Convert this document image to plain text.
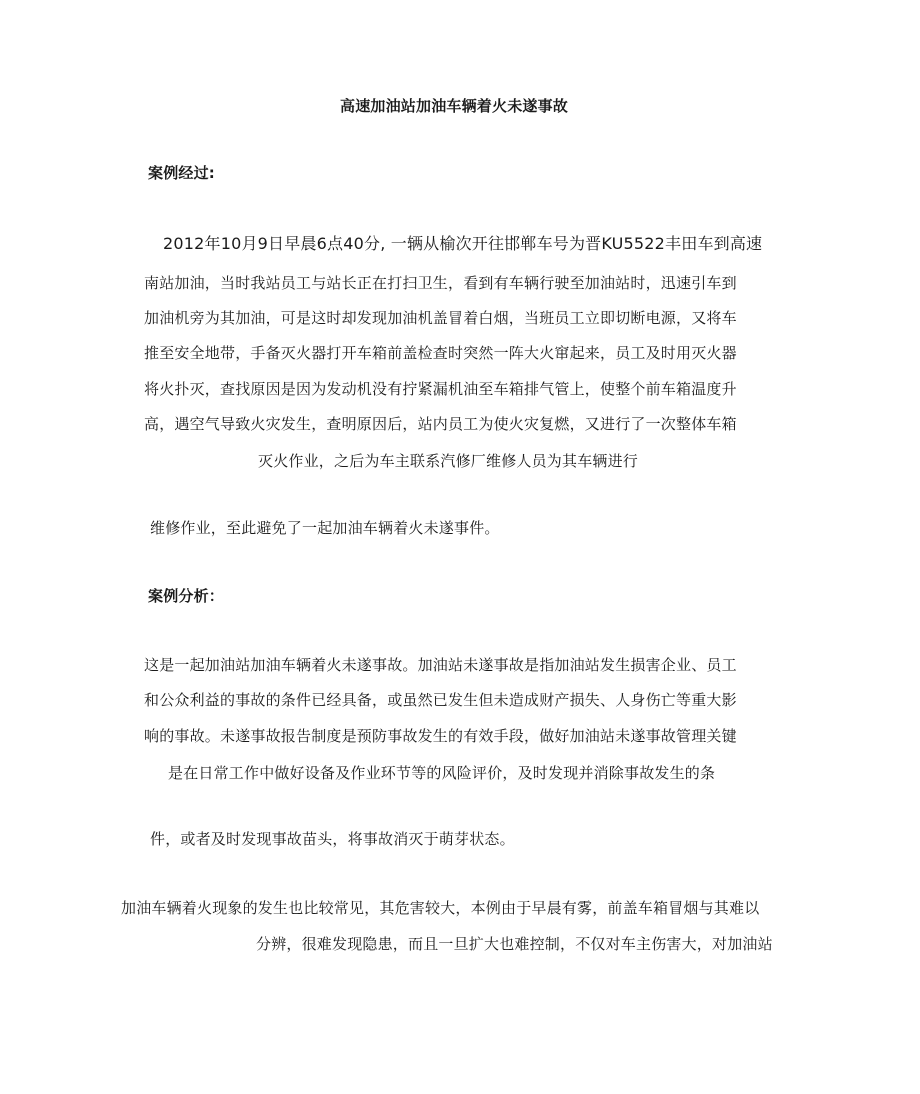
高速加油站加油车辆着火未遂事故
案例经过:
2012年10月9日早晨6点40分, 一辆从榆次开往邯郸车号为晋KU5522丰田车到高速
南站加油，当时我站员工与站长正在打扫卫生，看到有车辆行驶至加油站时，迅速引车到
加油机旁为其加油，可是这时却发现加油机盖冒着白烟，当班员工立即切断电源，又将车
推至安全地带，手备灭火器打开车箱前盖检查时突然一阵大火窜起来，员工及时用灭火器
将火扑灭，查找原因是因为发动机没有拧紧漏机油至车箱排气管上，使整个前车箱温度升
高，遇空气导致火灾发生，查明原因后，站内员工为使火灾复燃，又进行了一次整体车箱
灭火作业，之后为车主联系汽修厂维修人员为其车辆进行
维修作业，至此避免了一起加油车辆着火未遂事件。
案例分析：
这是一起加油站加油车辆着火未遂事故。加油站未遂事故是指加油站发生损害企业、员工
和公众利益的事故的条件已经具备，或虽然已发生但未造成财产损失、人身伤亡等重大影
响的事故。未遂事故报告制度是预防事故发生的有效手段，做好加油站未遂事故管理关键
是在日常工作中做好设备及作业环节等的风险评价，及时发现并消除事故发生的条
件，或者及时发现事故苗头，将事故消灭于萌芽状态。
加油车辆着火现象的发生也比较常见，其危害较大，本例由于早晨有雾，前盖车箱冒烟与其难以
分辨，很难发现隐患，而且一旦扩大也难控制，不仅对车主伤害大，对加油站
